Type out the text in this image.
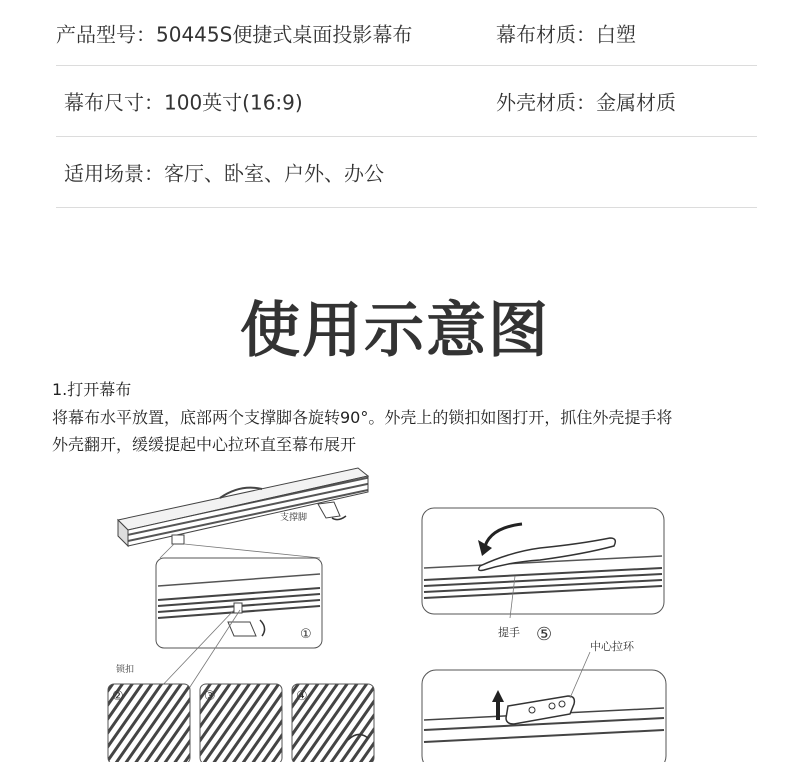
产品型号：50445S便捷式桌面投影幕布	幕布材质：白塑
幕布尺寸：100英寸(16:9)	外壳材质：金属材质
适用场景：客厅、卧室、户外、办公
使用示意图
1.打开幕布
将幕布水平放置，底部两个支撑脚各旋转90°。外壳上的锁扣如图打开，抓住外壳提手将
外壳翻开，缓缓提起中心拉环直至幕布展开
支撑脚
①
锁扣
②	③	④
提手 ⑤
中心拉环
